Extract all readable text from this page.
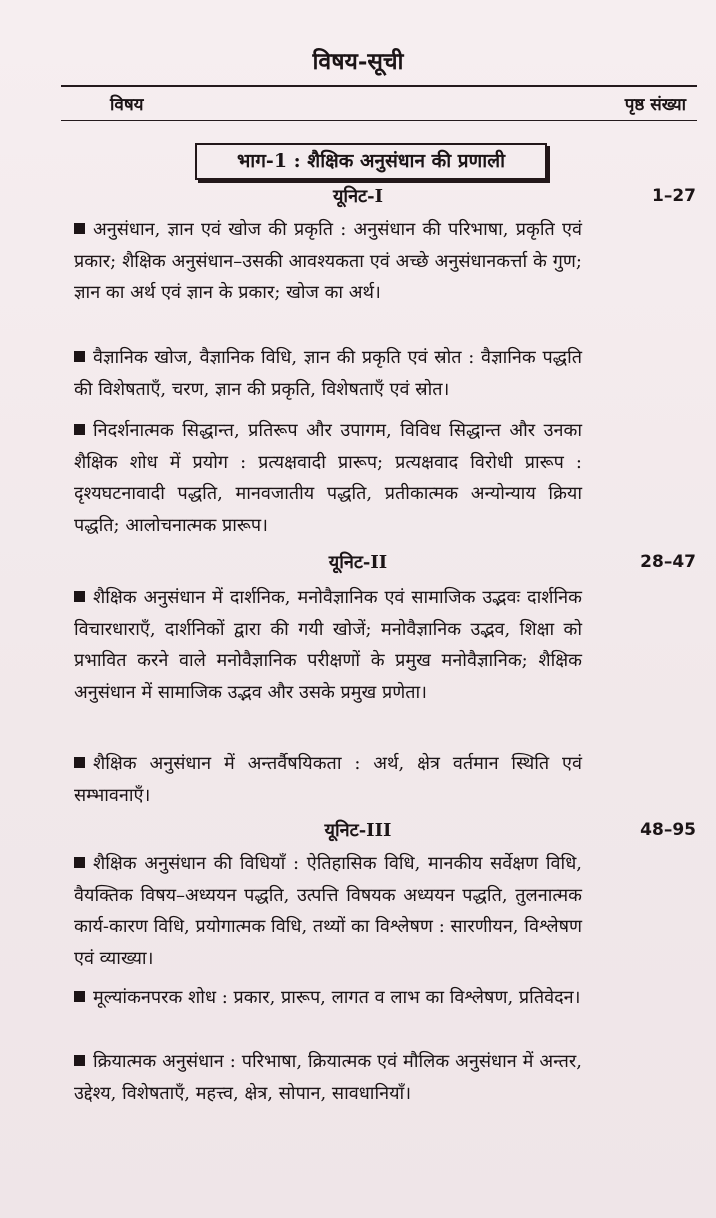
विषय-सूची
विषय	पृष्ठ संख्या
भाग-1 : शैक्षिक अनुसंधान की प्रणाली
यूनिट-I	1–27
अनुसंधान, ज्ञान एवं खोज की प्रकृति : अनुसंधान की परिभाषा, प्रकृति एवं प्रकार; शैक्षिक अनुसंधान–उसकी आवश्यकता एवं अच्छे अनुसंधानकर्त्ता के गुण; ज्ञान का अर्थ एवं ज्ञान के प्रकार; खोज का अर्थ।
वैज्ञानिक खोज, वैज्ञानिक विधि, ज्ञान की प्रकृति एवं स्रोत : वैज्ञानिक पद्धति की विशेषताएँ, चरण, ज्ञान की प्रकृति, विशेषताएँ एवं स्रोत।
निदर्शनात्मक सिद्धान्त, प्रतिरूप और उपागम, विविध सिद्धान्त और उनका शैक्षिक शोध में प्रयोग : प्रत्यक्षवादी प्रारूप; प्रत्यक्षवाद विरोधी प्रारूप : दृश्यघटनावादी पद्धति, मानवजातीय पद्धति, प्रतीकात्मक अन्योन्याय क्रिया पद्धति; आलोचनात्मक प्रारूप।
यूनिट-II	28–47
शैक्षिक अनुसंधान में दार्शनिक, मनोवैज्ञानिक एवं सामाजिक उद्भवः दार्शनिक विचारधाराएँ, दार्शनिकों द्वारा की गयी खोजें; मनोवैज्ञानिक उद्भव, शिक्षा को प्रभावित करने वाले मनोवैज्ञानिक परीक्षणों के प्रमुख मनोवैज्ञानिक; शैक्षिक अनुसंधान में सामाजिक उद्भव और उसके प्रमुख प्रणेता।
शैक्षिक अनुसंधान में अन्तर्वैषयिकता : अर्थ, क्षेत्र वर्तमान स्थिति एवं सम्भावनाएँ।
यूनिट-III	48–95
शैक्षिक अनुसंधान की विधियाँ : ऐतिहासिक विधि, मानकीय सर्वेक्षण विधि, वैयक्तिक विषय–अध्ययन पद्धति, उत्पत्ति विषयक अध्ययन पद्धति, तुलनात्मक कार्य-कारण विधि, प्रयोगात्मक विधि, तथ्यों का विश्लेषण : सारणीयन, विश्लेषण एवं व्याख्या।
मूल्यांकनपरक शोध : प्रकार, प्रारूप, लागत व लाभ का विश्लेषण, प्रतिवेदन।
क्रियात्मक अनुसंधान : परिभाषा, क्रियात्मक एवं मौलिक अनुसंधान में अन्तर, उद्देश्य, विशेषताएँ, महत्त्व, क्षेत्र, सोपान, सावधानियाँ।
